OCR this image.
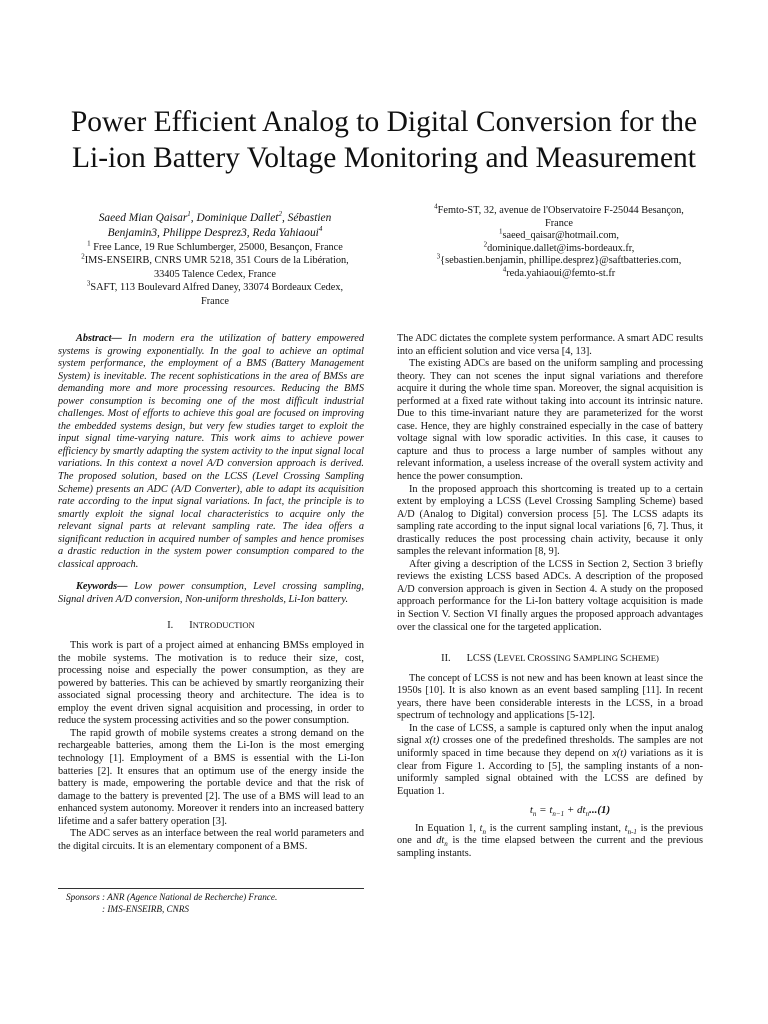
Power Efficient Analog to Digital Conversion for the
Li-ion Battery Voltage Monitoring and Measurement
Saeed Mian Qaisar$^1$, Dominique Dallet$^2$, Sébastien
Benjamin3, Philippe Desprez3, Reda Yahiaoui$^4$
$^1$ Free Lance, 19 Rue Schlumberger, 25000, Besançon, France
$^2$IMS-ENSEIRB, CNRS UMR 5218, 351 Cours de la Libération,
33405 Talence Cedex, France
$^3$SAFT, 113 Boulevard Alfred Daney, 33074 Bordeaux Cedex,
France
$^4$Femto-ST, 32, avenue de l'Observatoire F-25044 Besançon,
France
$^1$saeed_qaisar@hotmail.com,
$^2$dominique.dallet@ims-bordeaux.fr,
$^3${sebastien.benjamin, phillipe.desprez}@saftbatteries.com,
$^4$reda.yahiaoui@femto-st.fr

Abstract— In modern era the utilization of battery empowered systems is growing exponentially. In the goal to achieve an optimal system performance, the employment of a BMS (Battery Management System) is inevitable. The recent sophistications in the area of BMSs are demanding more and more processing resources. Reducing the BMS power consumption is becoming one of the most difficult industrial challenges. Most of efforts to achieve this goal are focused on improving the embedded systems design, but very few studies target to exploit the input signal time-varying nature. This work aims to achieve power efficiency by smartly adapting the system activity to the input signal local variations. In this context a novel A/D conversion approach is derived. The proposed solution, based on the LCSS (Level Crossing Sampling Scheme) presents an ADC (A/D Converter), able to adapt its acquisition rate according to the input signal variations. In fact, the principle is to smartly exploit the signal local characteristics to acquire only the relevant signal parts at relevant sampling rate. The idea offers a significant reduction in acquired number of samples and hence promises a drastic reduction in the system power consumption compared to the classical approach.

Keywords— Low power consumption, Level crossing sampling, Signal driven A/D conversion, Non-uniform thresholds, Li-Ion battery.

I. INTRODUCTION

This work is part of a project aimed at enhancing BMSs employed in the mobile systems. The motivation is to reduce their size, cost, processing noise and especially the power consumption, as they are powered by batteries. This can be achieved by smartly reorganizing their associated signal processing theory and architecture. The idea is to employ the event driven signal acquisition and processing, in order to reduce the system processing activities and so the power consumption.

The rapid growth of mobile systems creates a strong demand on the rechargeable batteries, among them the Li-Ion is the most emerging technology [1]. Employment of a BMS is essential with the Li-Ion batteries [2]. It ensures that an optimum use of the energy inside the battery is made, empowering the portable device and that the risk of damage to the battery is prevented [2]. The use of a BMS will lead to an enhanced system autonomy. Moreover it renders into an increased battery lifetime and a safer battery operation [3].

The ADC serves as an interface between the real world parameters and the digital circuits. It is an elementary component of a BMS.

The ADC dictates the complete system performance. A smart ADC results into an efficient solution and vice versa [4, 13].

The existing ADCs are based on the uniform sampling and processing theory. They can not scenes the input signal variations and therefore acquire it during the whole time span. Moreover, the signal acquisition is performed at a fixed rate without taking into account its intrinsic nature. Due to this time-invariant nature they are parameterized for the worst case. Hence, they are highly constrained especially in the case of battery voltage signal with low sporadic activities. In this case, it causes to capture and thus to process a large number of samples without any relevant information, a useless increase of the overall system activity and hence the power consumption.

In the proposed approach this shortcoming is treated up to a certain extent by employing a LCSS (Level Crossing Sampling Scheme) based A/D (Analog to Digital) conversion process [5]. The LCSS adapts its sampling rate according to the input signal local variations [6, 7]. Thus, it drastically reduces the post processing chain activity, because it only samples the relevant information [8, 9].

After giving a description of the LCSS in Section 2, Section 3 briefly reviews the existing LCSS based ADCs. A description of the proposed A/D conversion approach is given in Section 4. A study on the proposed approach performance for the Li-Ion battery voltage acquisition is made in Section V. Section VI finally argues the proposed approach advantages over the classical one for the targeted application.

II. LCSS (LEVEL CROSSING SAMPLING SCHEME)

The concept of LCSS is not new and has been known at least since the 1950s [10]. It is also known as an event based sampling [11]. In recent years, there have been considerable interests in the LCSS, in a broad spectrum of technology and applications [5-12].

In the case of LCSS, a sample is captured only when the input analog signal x(t) crosses one of the predefined thresholds. The samples are not uniformly spaced in time because they depend on x(t) variations as it is clear from Figure 1. According to [5], the sampling instants of a non-uniformly sampled signal obtained with the LCSS are defined by Equation 1.

$t_n = t_{n-1} + dt_n...(1)$

In Equation 1, $t_n$ is the current sampling instant, $t_{n-1}$ is the previous one and $dt_n$ is the time elapsed between the current and the previous sampling instants.

Sponsors : ANR (Agence National de Recherche) France.
: IMS-ENSEIRB, CNRS
